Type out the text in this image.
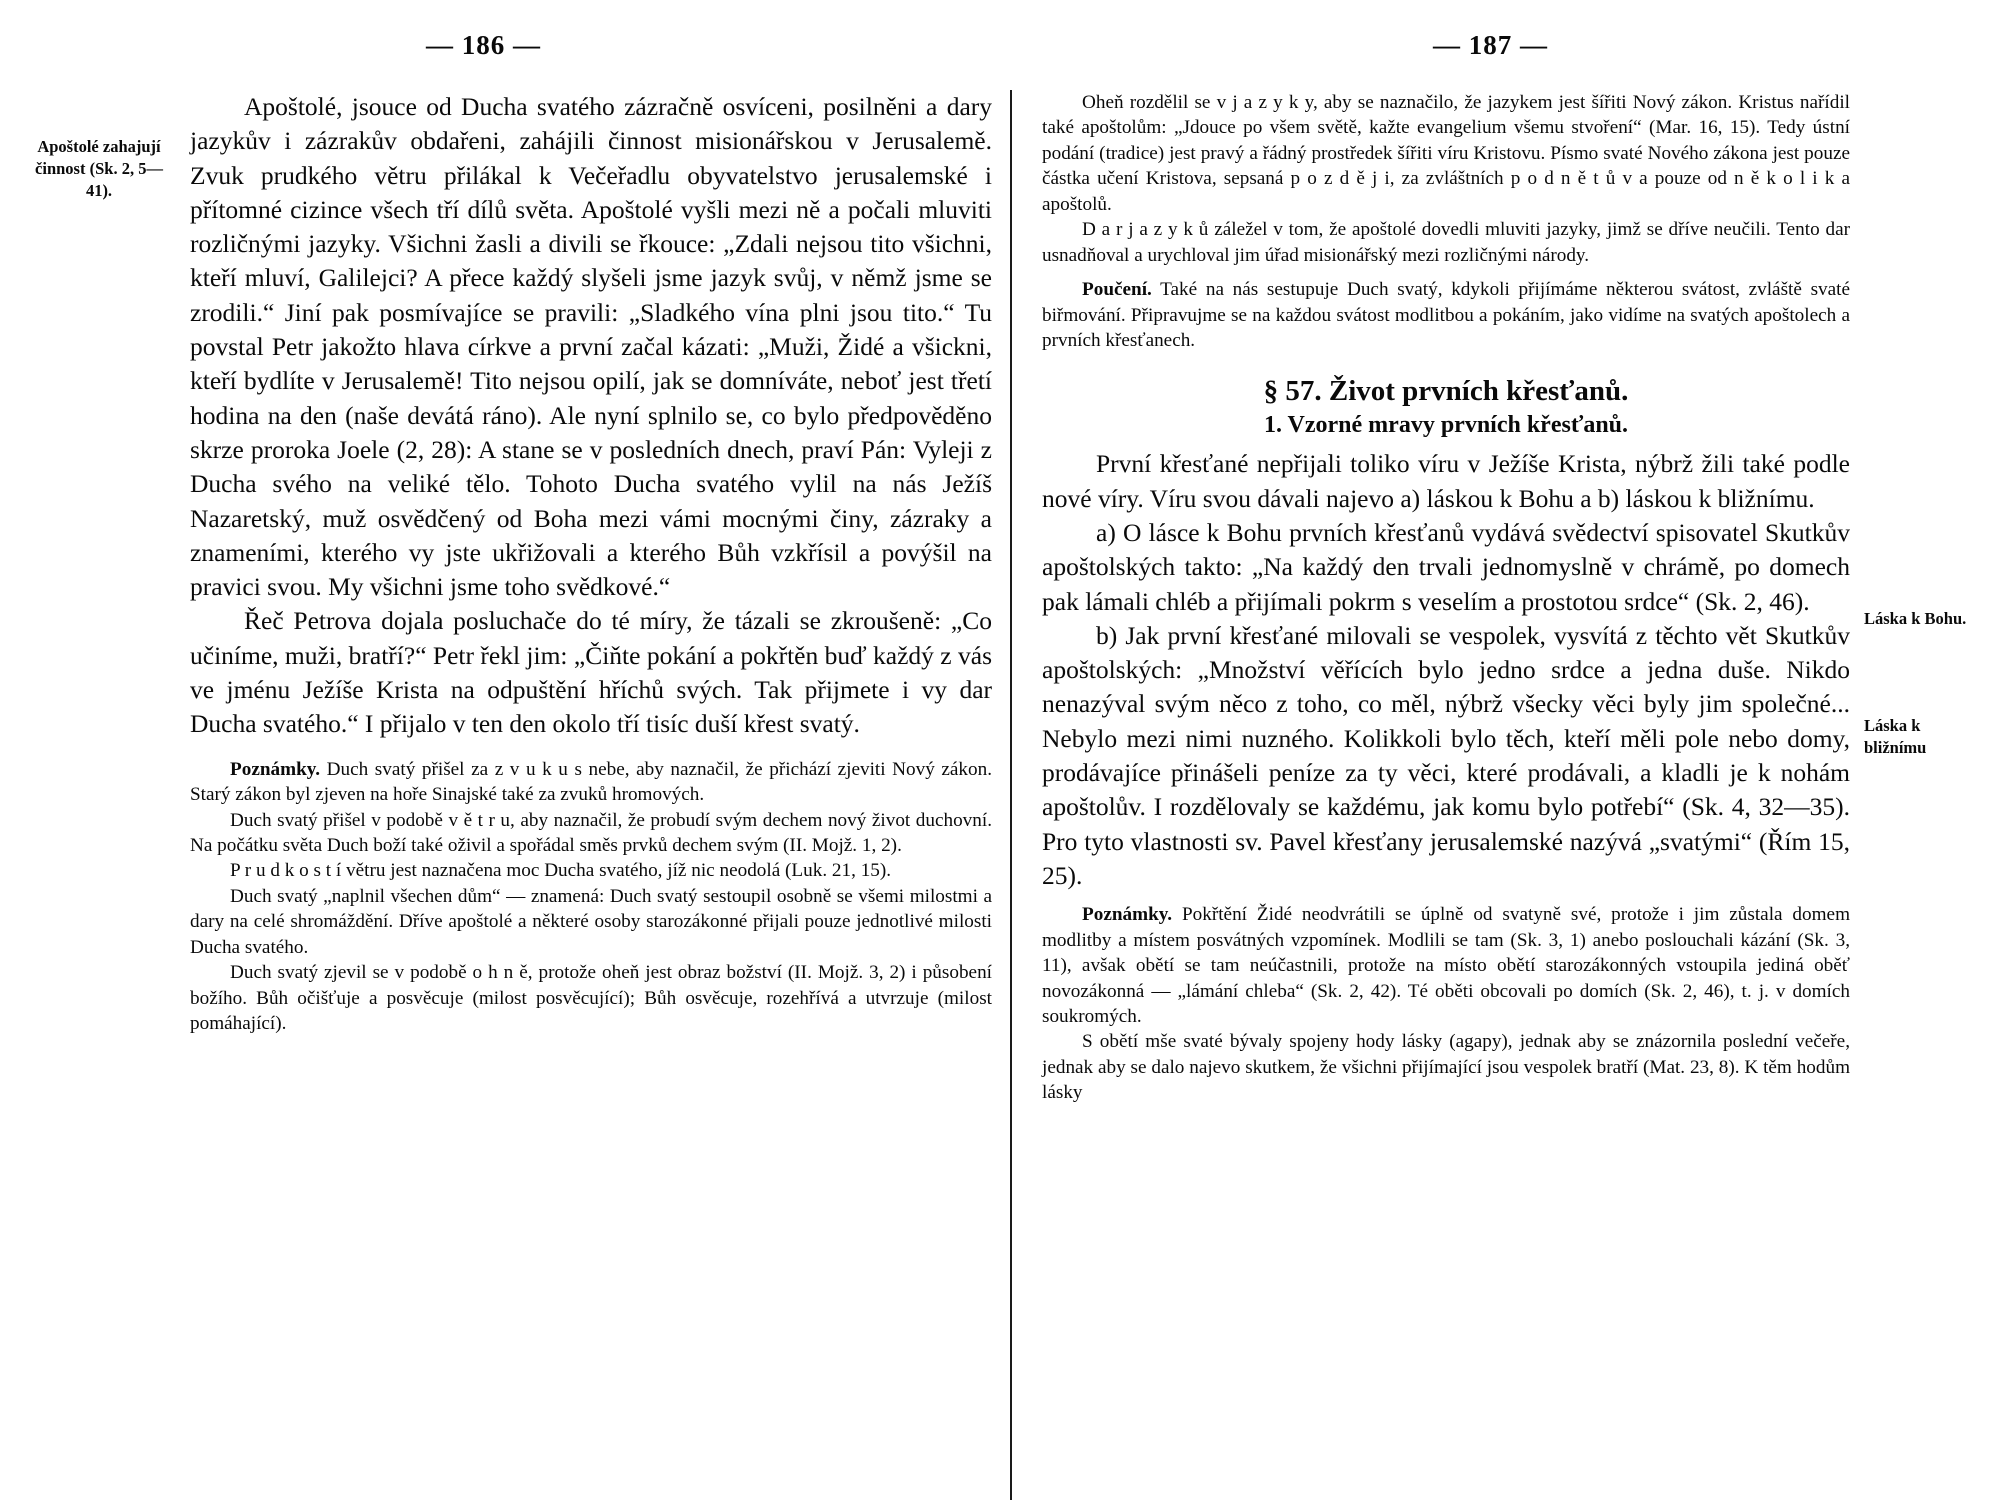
— 186 —	— 187 —
Apoštolé zahajují činnost (Sk. 2, 5—41).

Apoštolé, jsouce od Ducha svatého zázračně osvíceni, posilněni a dary jazykův i zázrakův obdařeni, zahájili činnost misionářskou v Jerusalemě. Zvuk prudkého větru přilákal k Večeřadlu obyvatelstvo jerusalemské i přítomné cizince všech tří dílů světa. Apoštolé vyšli mezi ně a počali mluviti rozličnými jazyky. Všichni žasli a divili se řkouce: „Zdali nejsou tito všichni, kteří mluví, Galilejci? A přece každý slyšeli jsme jazyk svůj, v němž jsme se zrodili.“ Jiní pak posmívajíce se pravili: „Sladkého vína plni jsou tito.“ Tu povstal Petr jakožto hlava církve a první začal kázati: „Muži, Židé a všickni, kteří bydlíte v Jerusalemě! Tito nejsou opilí, jak se domníváte, neboť jest třetí hodina na den (naše devátá ráno). Ale nyní splnilo se, co bylo předpověděno skrze proroka Joele (2, 28): A stane se v posledních dnech, praví Pán: Vyleji z Ducha svého na veliké tělo. Tohoto Ducha svatého vylil na nás Ježíš Nazaretský, muž osvědčený od Boha mezi vámi mocnými činy, zázraky a znameními, kterého vy jste ukřižovali a kterého Bůh vzkřísil a povýšil na pravici svou. My všichni jsme toho svědkové.“

Řeč Petrova dojala posluchače do té míry, že tázali se zkroušeně: „Co učiníme, muži, bratří?“ Petr řekl jim: „Čiňte pokání a pokřtěn buď každý z vás ve jménu Ježíše Krista na odpuštění hříchů svých. Tak přijmete i vy dar Ducha svatého.“ I přijalo v ten den okolo tří tisíc duší křest svatý.

Poznámky. Duch svatý přišel za z v u k u s nebe, aby naznačil, že přichází zjeviti Nový zákon. Starý zákon byl zjeven na hoře Sinajské také za zvuků hromových.

Duch svatý přišel v podobě v ě t r u, aby naznačil, že probudí svým dechem nový život duchovní. Na počátku světa Duch boží také oživil a spořádal směs prvků dechem svým (II. Mojž. 1, 2).

P r u d k o s t í větru jest naznačena moc Ducha svatého, jíž nic neodolá (Luk. 21, 15).

Duch svatý „naplnil všechen dům“ — znamená: Duch svatý sestoupil osobně se všemi milostmi a dary na celé shromáždění. Dříve apoštolé a některé osoby starozákonné přijali pouze jednotlivé milosti Ducha svatého.

Duch svatý zjevil se v podobě o h n ě, protože oheň jest obraz božství (II. Mojž. 3, 2) i působení božího. Bůh očišťuje a posvěcuje (milost posvěcující); Bůh osvěcuje, rozehřívá a utvrzuje (milost pomáhající).

Láska k Bohu.
Láska k bližnímu

Oheň rozdělil se v j a z y k y, aby se naznačilo, že jazykem jest šířiti Nový zákon. Kristus nařídil také apoštolům: „Jdouce po všem světě, kažte evangelium všemu stvoření“ (Mar. 16, 15). Tedy ústní podání (tradice) jest pravý a řádný prostředek šířiti víru Kristovu. Písmo svaté Nového zákona jest pouze částka učení Kristova, sepsaná p o z d ě j i, za zvláštních p o d n ě t ů v a pouze od n ě k o l i k a apoštolů.

D a r j a z y k ů záležel v tom, že apoštolé dovedli mluviti jazyky, jimž se dříve neučili. Tento dar usnadňoval a urychloval jim úřad misionářský mezi rozličnými národy.

Poučení. Také na nás sestupuje Duch svatý, kdykoli přijímáme některou svátost, zvláště svaté biřmování. Připravujme se na každou svátost modlitbou a pokáním, jako vidíme na svatých apoštolech a prvních křesťanech.

§ 57. Život prvních křesťanů.
1. Vzorné mravy prvních křesťanů.

První křesťané nepřijali toliko víru v Ježíše Krista, nýbrž žili také podle nové víry. Víru svou dávali najevo a) láskou k Bohu a b) láskou k bližnímu.

a) O lásce k Bohu prvních křesťanů vydává svědectví spisovatel Skutkův apoštolských takto: „Na každý den trvali jednomyslně v chrámě, po domech pak lámali chléb a přijímali pokrm s veselím a prostotou srdce“ (Sk. 2, 46).

b) Jak první křesťané milovali se vespolek, vysvítá z těchto vět Skutkův apoštolských: „Množství věřících bylo jedno srdce a jedna duše. Nikdo nenazýval svým něco z toho, co měl, nýbrž všecky věci byly jim společné... Nebylo mezi nimi nuzného. Kolikkoli bylo těch, kteří měli pole nebo domy, prodávajíce přinášeli peníze za ty věci, které prodávali, a kladli je k nohám apoštolův. I rozdělovaly se každému, jak komu bylo potřebí“ (Sk. 4, 32—35). Pro tyto vlastnosti sv. Pavel křesťany jerusalemské nazývá „svatými“ (Řím 15, 25).

Poznámky. Pokřtění Židé neodvrátili se úplně od svatyně své, protože i jim zůstala domem modlitby a místem posvátných vzpomínek. Modlili se tam (Sk. 3, 1) anebo poslouchali kázání (Sk. 3, 11), avšak obětí se tam neúčastnili, protože na místo obětí starozákonných vstoupila jediná oběť novozákonná — „lámání chleba“ (Sk. 2, 42). Té oběti obcovali po domích (Sk. 2, 46), t. j. v domích soukromých.

S obětí mše svaté bývaly spojeny hody lásky (agapy), jednak aby se znázornila poslední večeře, jednak aby se dalo najevo skutkem, že všichni přijímající jsou vespolek bratří (Mat. 23, 8). K těm hodům lásky
